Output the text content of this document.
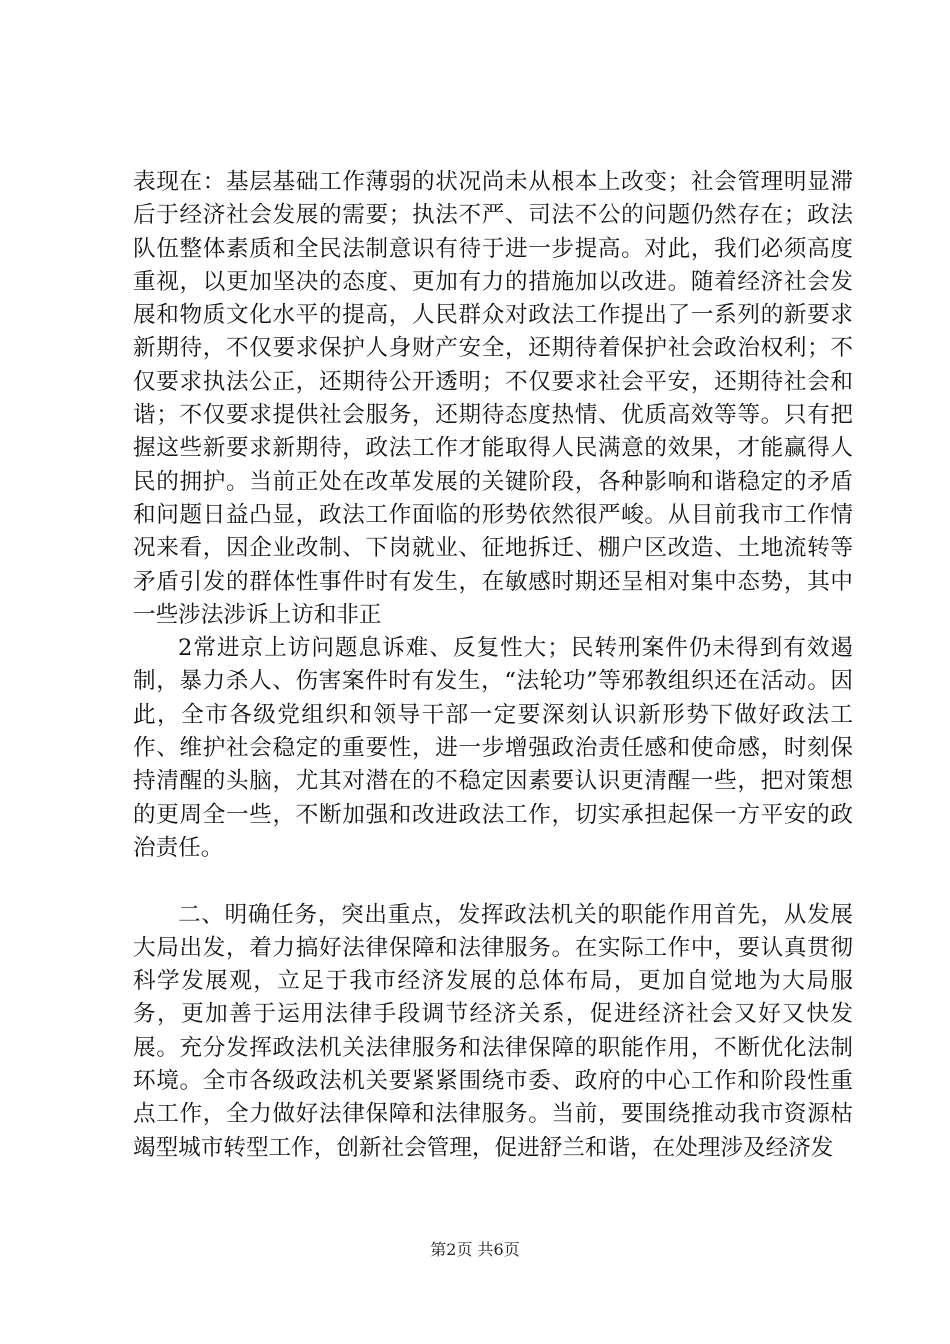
表现在：基层基础工作薄弱的状况尚未从根本上改变；社会管理明显滞后于经济社会发展的需要；执法不严、司法不公的问题仍然存在；政法队伍整体素质和全民法制意识有待于进一步提高。对此，我们必须高度重视，以更加坚决的态度、更加有力的措施加以改进。随着经济社会发展和物质文化水平的提高，人民群众对政法工作提出了一系列的新要求新期待，不仅要求保护人身财产安全，还期待着保护社会政治权利；不仅要求执法公正，还期待公开透明；不仅要求社会平安，还期待社会和谐；不仅要求提供社会服务，还期待态度热情、优质高效等等。只有把握这些新要求新期待，政法工作才能取得人民满意的效果，才能赢得人民的拥护。当前正处在改革发展的关键阶段，各种影响和谐稳定的矛盾和问题日益凸显，政法工作面临的形势依然很严峻。从目前我市工作情况来看，因企业改制、下岗就业、征地拆迁、棚户区改造、土地流转等矛盾引发的群体性事件时有发生，在敏感时期还呈相对集中态势，其中一些涉法涉诉上访和非正

2常进京上访问题息诉难、反复性大；民转刑案件仍未得到有效遏制，暴力杀人、伤害案件时有发生，“法轮功”等邪教组织还在活动。因此，全市各级党组织和领导干部一定要深刻认识新形势下做好政法工作、维护社会稳定的重要性，进一步增强政治责任感和使命感，时刻保持清醒的头脑，尤其对潜在的不稳定因素要认识更清醒一些，把对策想的更周全一些，不断加强和改进政法工作，切实承担起保一方平安的政治责任。

二、明确任务，突出重点，发挥政法机关的职能作用首先，从发展大局出发，着力搞好法律保障和法律服务。在实际工作中，要认真贯彻科学发展观，立足于我市经济发展的总体布局，更加自觉地为大局服务，更加善于运用法律手段调节经济关系，促进经济社会又好又快发展。充分发挥政法机关法律服务和法律保障的职能作用，不断优化法制环境。全市各级政法机关要紧紧围绕市委、政府的中心工作和阶段性重点工作，全力做好法律保障和法律服务。当前，要围绕推动我市资源枯竭型城市转型工作，创新社会管理，促进舒兰和谐，在处理涉及经济发

第2页 共6页
